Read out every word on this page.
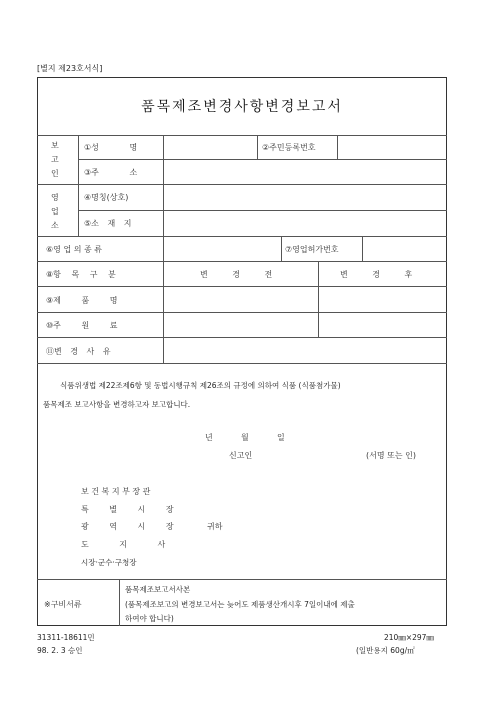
[별지 제23호서식]
품목제조변경사항변경보고서
보
고
인
①성 명	②주민등록번호
③주 소
영
업
소
④명칭(상호)
⑤소 재 지
⑥영 업 의 종 류	⑦영업허가번호
⑧항 목 구 분	변 경 전	변 경 후
⑨제 품 명
⑩주 원 료
⑪변 경 사 유
식품위생법 제22조제6항 및 동법시행규칙 제26조의 규정에 의하여 식품 (식품첨가물)
품목제조 보고사항을 변경하고자 보고합니다.
년	월	일
신고인	(서명 또는 인)
보 건 복 지 부 장 관
특 별 시 장
광 역 시 장	귀하
도 지 사
시장·군수·구청장
※구비서류
품목제조보고서사본
(품목제조보고의 변경보고서는 늦어도 제품생산개시후 7일이내에 제출
하여야 합니다)
31311-18611민
98. 2. 3 승인
210㎜×297㎜
(일반용지 60g/㎡
